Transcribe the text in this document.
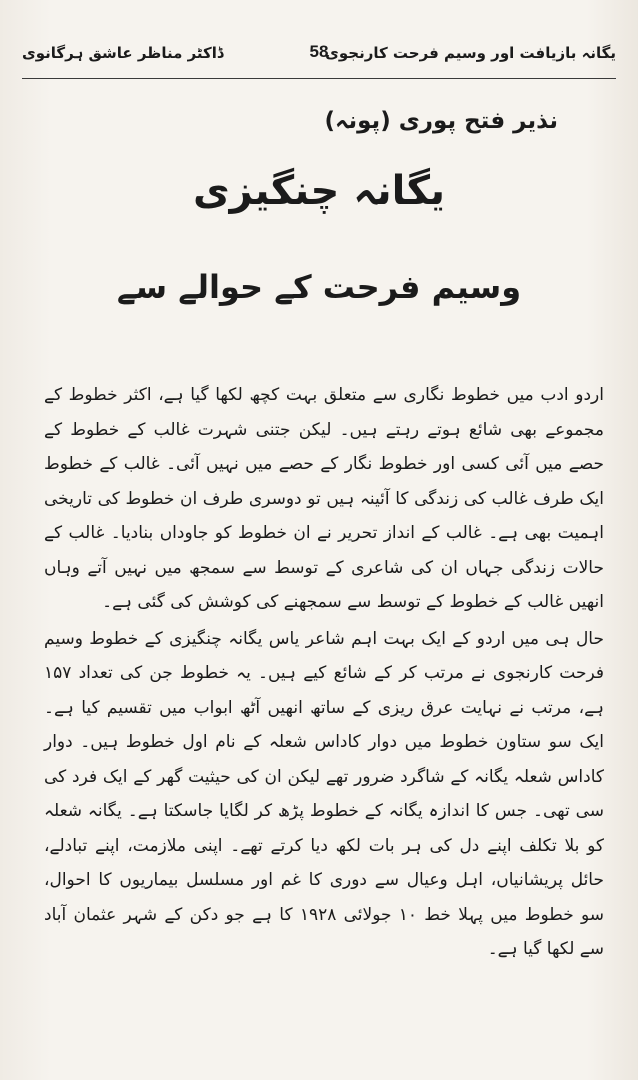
یگانہ بازیافت اور وسیم فرحت کارنجوی
58
ڈاکٹر مناظر عاشق ہرگانوی
نذیر فتح پوری (پونہ)
یگانہ چنگیزی
وسیم فرحت کے حوالے سے

اردو ادب میں خطوط نگاری سے متعلق بہت کچھ لکھا گیا ہے، اکثر خطوط کے مجموعے بھی شائع ہوتے رہتے ہیں۔ لیکن جتنی شہرت غالب کے خطوط کے حصے میں آئی کسی اور خطوط نگار کے حصے میں نہیں آئی۔ غالب کے خطوط ایک طرف غالب کی زندگی کا آئینہ ہیں تو دوسری طرف ان خطوط کی تاریخی اہمیت بھی ہے۔ غالب کے انداز تحریر نے ان خطوط کو جاوداں بنادیا۔ غالب کے حالات زندگی جہاں ان کی شاعری کے توسط سے سمجھ میں نہیں آتے وہاں انھیں غالب کے خطوط کے توسط سے سمجھنے کی کوشش کی گئی ہے۔

حال ہی میں اردو کے ایک بہت اہم شاعر یاس یگانہ چنگیزی کے خطوط وسیم فرحت کارنجوی نے مرتب کر کے شائع کیے ہیں۔ یہ خطوط جن کی تعداد ۱۵۷ ہے، مرتب نے نہایت عرق ریزی کے ساتھ انھیں آٹھ ابواب میں تقسیم کیا ہے۔ ایک سو ستاون خطوط میں دوار کاداس شعلہ کے نام اول خطوط ہیں۔ دوار کاداس شعلہ یگانہ کے شاگرد ضرور تھے لیکن ان کی حیثیت گھر کے ایک فرد کی سی تھی۔ جس کا اندازہ یگانہ کے خطوط پڑھ کر لگایا جاسکتا ہے۔ یگانہ شعلہ کو بلا تکلف اپنے دل کی ہر بات لکھ دیا کرتے تھے۔ اپنی ملازمت، اپنے تبادلے، حائل پریشانیاں، اہل وعیال سے دوری کا غم اور مسلسل بیماریوں کا احوال، سو خطوط میں پہلا خط ۱۰ جولائی ۱۹۲۸ کا ہے جو دکن کے شہر عثمان آباد سے لکھا گیا ہے۔
